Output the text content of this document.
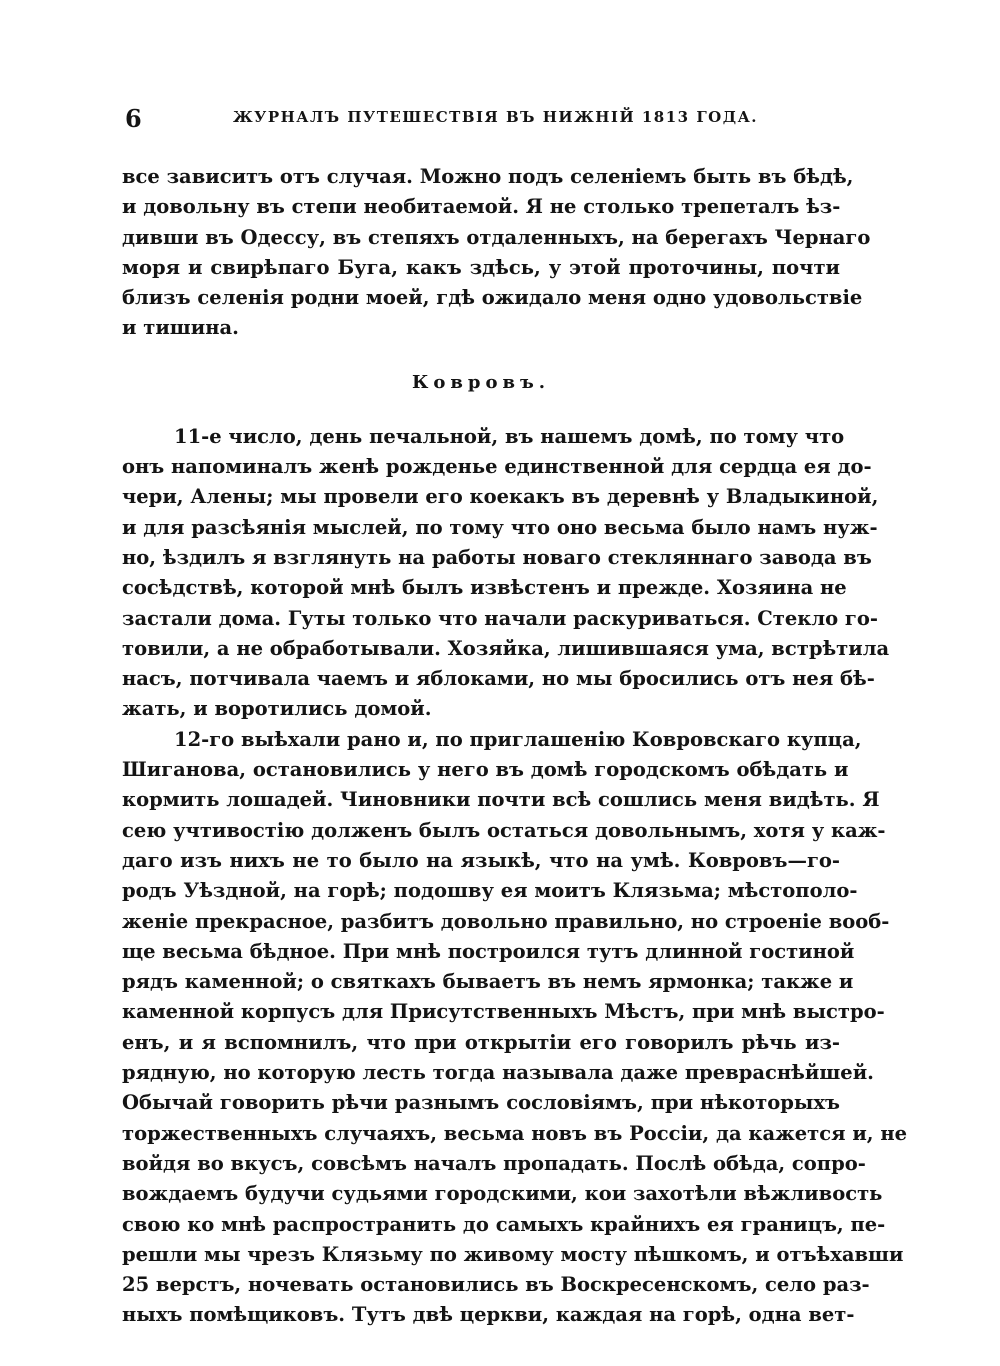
6	ЖУРНАЛЪ ПУТЕШЕСТВІЯ ВЪ НИЖНІЙ 1813 ГОДА.
все зависитъ отъ случая. Можно подъ селеніемъ быть въ бѣдѣ,
и довольну въ степи необитаемой. Я не столько трепеталъ ѣз-
дивши въ Одессу, въ степяхъ отдаленныхъ, на берегахъ Чернаго
моря и свирѣпаго Буга, какъ здѣсь, у этой проточины, почти
близъ селенія родни моей, гдѣ ожидало меня одно удовольствіе
и тишина.
Ковровъ.
11-е число, день печальной, въ нашемъ домѣ, по тому что
онъ напоминалъ женѣ рожденье единственной для сердца ея до-
чери, Алены; мы провели его коекакъ въ деревнѣ у Владыкиной,
и для разсѣянія мыслей, по тому что оно весьма было намъ нуж-
но, ѣздилъ я взглянуть на работы новаго стекляннаго завода въ
сосѣдствѣ, которой мнѣ былъ извѣстенъ и прежде. Хозяина не
застали дома. Гуты только что начали раскуриваться. Стекло го-
товили, а не обработывали. Хозяйка, лишившаяся ума, встрѣтила
насъ, потчивала чаемъ и яблоками, но мы бросились отъ нея бѣ-
жать, и воротились домой.
12-го выѣхали рано и, по приглашенію Ковровскаго купца,
Шиганова, остановились у него въ домѣ городскомъ обѣдать и
кормить лошадей. Чиновники почти всѣ сошлись меня видѣть. Я
сею учтивостію долженъ былъ остаться довольнымъ, хотя у каж-
даго изъ нихъ не то было на языкѣ, что на умѣ. Ковровъ—го-
родъ Уѣздной, на горѣ; подошву ея моитъ Клязьма; мѣстополо-
женіе прекрасное, разбитъ довольно правильно, но строеніе вооб-
ще весьма бѣдное. При мнѣ построился тутъ длинной гостиной
рядъ каменной; о святкахъ бываетъ въ немъ ярмонка; также и
каменной корпусъ для Присутственныхъ Мѣстъ, при мнѣ выстро-
енъ, и я вспомнилъ, что при открытіи его говорилъ рѣчь из-
рядную, но которую лесть тогда называла даже превраснѣйшей.
Обычай говорить рѣчи разнымъ сословіямъ, при нѣкоторыхъ
торжественныхъ случаяхъ, весьма новъ въ Россіи, да кажется и, не
войдя во вкусъ, совсѣмъ началъ пропадать. Послѣ обѣда, сопро-
вождаемъ будучи судьями городскими, кои захотѣли вѣжливость
свою ко мнѣ распространить до самыхъ крайнихъ ея границъ, пе-
решли мы чрезъ Клязьму по живому мосту пѣшкомъ, и отъѣхавши
25 верстъ, ночевать остановились въ Воскресенскомъ, село раз-
ныхъ помѣщиковъ. Тутъ двѣ церкви, каждая на горѣ, одна вет-
